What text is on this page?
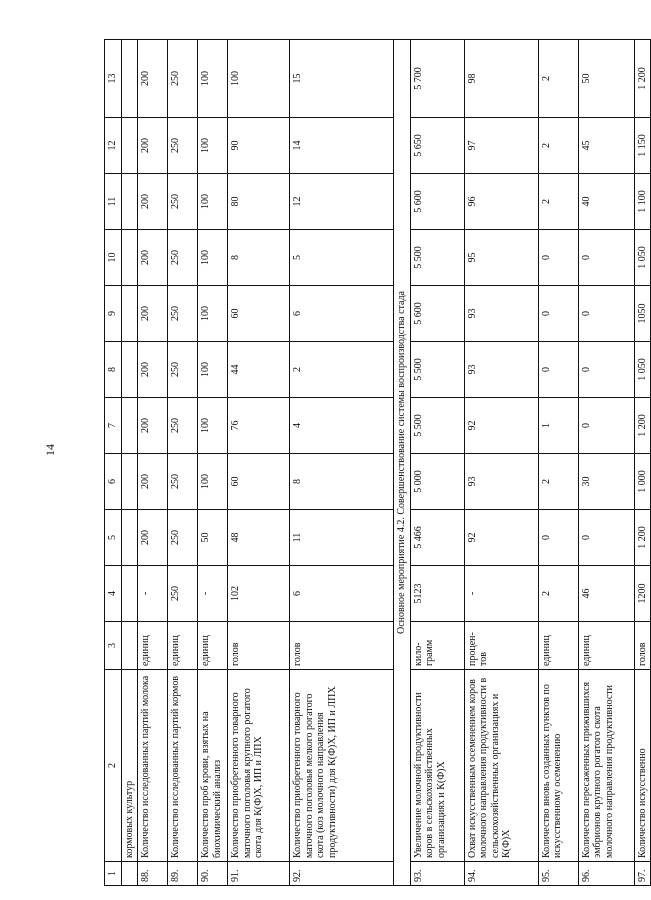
14
1	2	3	4	5	6	7	8	9	10	11	12	13
	кормовых культур											
88.	Количество исследованных партий молока	единиц	-	200	200	200	200	200	200	200	200	200
89.	Количество исследованных партий кормов	единиц	250	250	250	250	250	250	250	250	250	250
90.	Количество проб крови, взятых на биохимический анализ	единиц	-	50	100	100	100	100	100	100	100	100
91.	Количество приобретенного товарного маточного поголовья крупного рогатого скота для К(Ф)Х, ИП и ЛПХ	голов	102	48	60	76	44	60	8	80	90	100
92.	Количество приобретенного товарного маточного поголовья мелкого рогатого скота (коз молочного направления продуктивности) для К(Ф)Х, ИП и ЛПХ	голов	6	11	8	4	2	6	5	12	14	15
Основное мероприятие 4.2. Совершенствование системы воспроизводства стада												
93.	Увеличение молочной продуктивности коров в сельскохозяйственных организациях и К(Ф)Х	кило-грамм	5123	5 466	5 000	5 500	5 500	5 600	5 500	5 600	5 650	5 700
94.	Охват искусственным осеменением коров молочного направления продуктивности в сельскохозяйственных организациях и К(Ф)Х	процен-тов	-	92	93	92	93	93	95	96	97	98
95.	Количество вновь созданных пунктов по искусственному осеменению	единиц	2	0	2	1	0	0	0	2	2	2
96.	Количество пересаженных прижившихся эмбрионов крупного рогатого скота молочного направления продуктивности	единиц	46	0	30	0	0	0	0	40	45	50
97.	Количество искусственно	голов	1200	1 200	1 000	1 200	1 050	1050	1 050	1 100	1 150	1 200
